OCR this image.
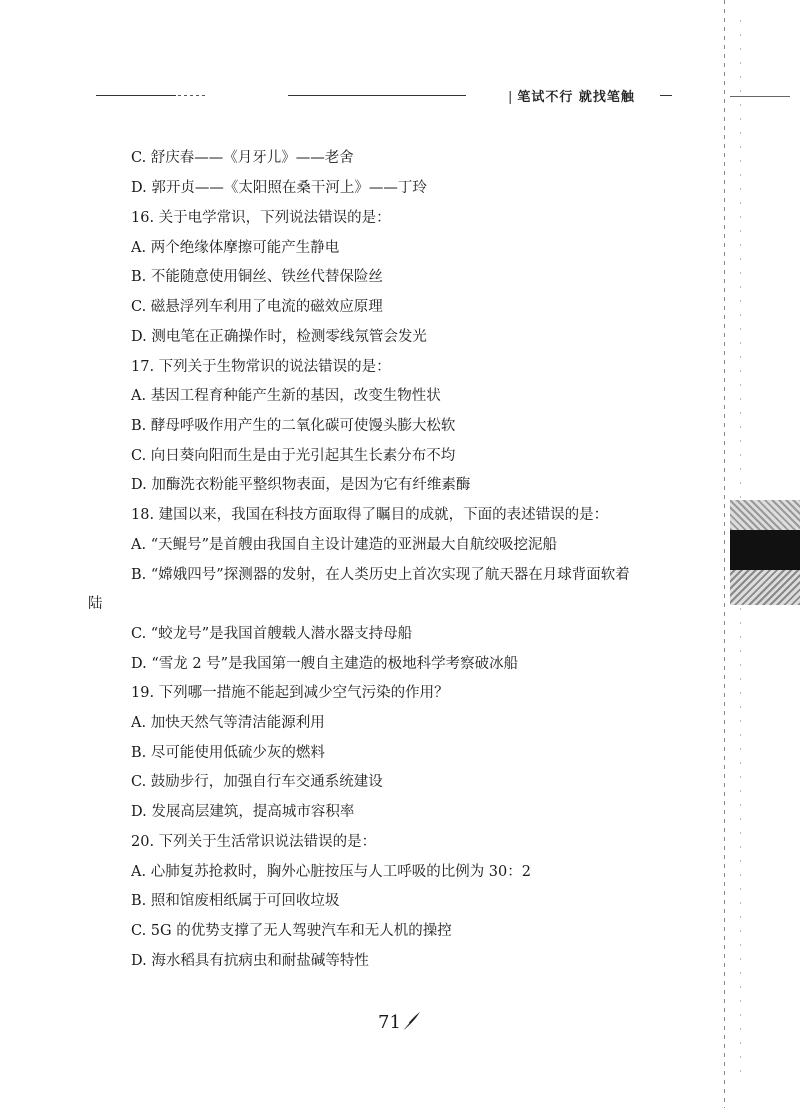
| 笔试不行 就找笔触
C. 舒庆春——《月牙儿》——老舍
D. 郭开贞——《太阳照在桑干河上》——丁玲
16. 关于电学常识，下列说法错误的是：
A. 两个绝缘体摩擦可能产生静电
B. 不能随意使用铜丝、铁丝代替保险丝
C. 磁悬浮列车利用了电流的磁效应原理
D. 测电笔在正确操作时，检测零线氖管会发光
17. 下列关于生物常识的说法错误的是：
A. 基因工程育种能产生新的基因，改变生物性状
B. 酵母呼吸作用产生的二氧化碳可使馒头膨大松软
C. 向日葵向阳而生是由于光引起其生长素分布不均
D. 加酶洗衣粉能平整织物表面，是因为它有纤维素酶
18. 建国以来，我国在科技方面取得了瞩目的成就，下面的表述错误的是：
A. “天鲲号”是首艘由我国自主设计建造的亚洲最大自航绞吸挖泥船
B. “嫦娥四号”探测器的发射，在人类历史上首次实现了航天器在月球背面软着
陆
C. “蛟龙号”是我国首艘载人潜水器支持母船
D. “雪龙 2 号”是我国第一艘自主建造的极地科学考察破冰船
19. 下列哪一措施不能起到减少空气污染的作用？
A. 加快天然气等清洁能源利用
B. 尽可能使用低硫少灰的燃料
C. 鼓励步行，加强自行车交通系统建设
D. 发展高层建筑，提高城市容积率
20. 下列关于生活常识说法错误的是：
A. 心肺复苏抢救时，胸外心脏按压与人工呼吸的比例为 30：2
B. 照和馆废相纸属于可回收垃圾
C. 5G 的优势支撑了无人驾驶汽车和无人机的操控
D. 海水稻具有抗病虫和耐盐碱等特性
71
